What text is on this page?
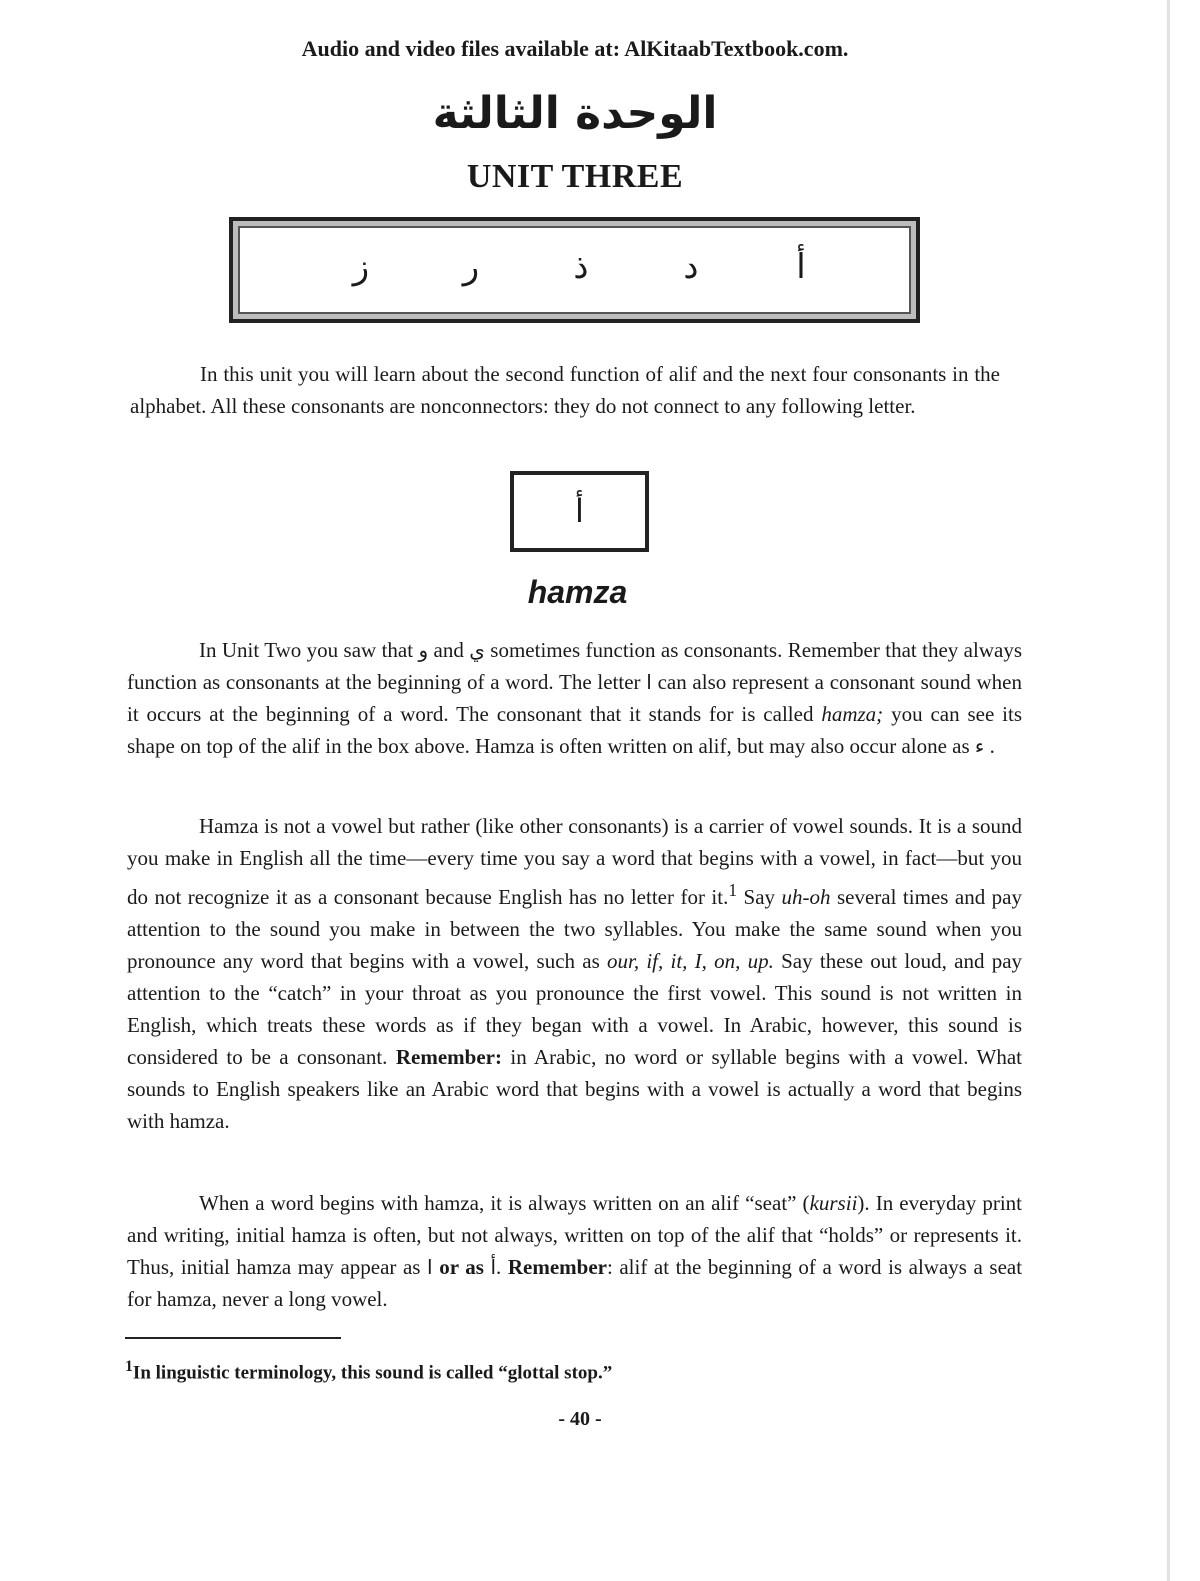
Audio and video files available at: AlKitaabTextbook.com.
الوحدة الثالثة
UNIT THREE
أ
د
ذ
ر
ز

In this unit you will learn about the second function of alif and the next four consonants in the alphabet. All these consonants are nonconnectors: they do not connect to any following letter.

أ
hamza

In Unit Two you saw that و and ي sometimes function as consonants. Remember that they always function as consonants at the beginning of a word. The letter ا can also represent a consonant sound when it occurs at the beginning of a word. The consonant that it stands for is called hamza; you can see its shape on top of the alif in the box above. Hamza is often written on alif, but may also occur alone as ء .

Hamza is not a vowel but rather (like other consonants) is a carrier of vowel sounds. It is a sound you make in English all the time—every time you say a word that begins with a vowel, in fact—but you do not recognize it as a consonant because English has no letter for it.$^1$ Say uh-oh several times and pay attention to the sound you make in between the two syllables. You make the same sound when you pronounce any word that begins with a vowel, such as our, if, it, I, on, up. Say these out loud, and pay attention to the “catch” in your throat as you pronounce the first vowel. This sound is not written in English, which treats these words as if they began with a vowel. In Arabic, however, this sound is considered to be a consonant. Remember: in Arabic, no word or syllable begins with a vowel. What sounds to English speakers like an Arabic word that begins with a vowel is actually a word that begins with hamza.

When a word begins with hamza, it is always written on an alif “seat” (kursii). In everyday print and writing, initial hamza is often, but not always, written on top of the alif that “holds” or represents it. Thus, initial hamza may appear as ا or as أ. Remember: alif at the beginning of a word is always a seat for hamza, never a long vowel.

$^1$In linguistic terminology, this sound is called “glottal stop.”
- 40 -
